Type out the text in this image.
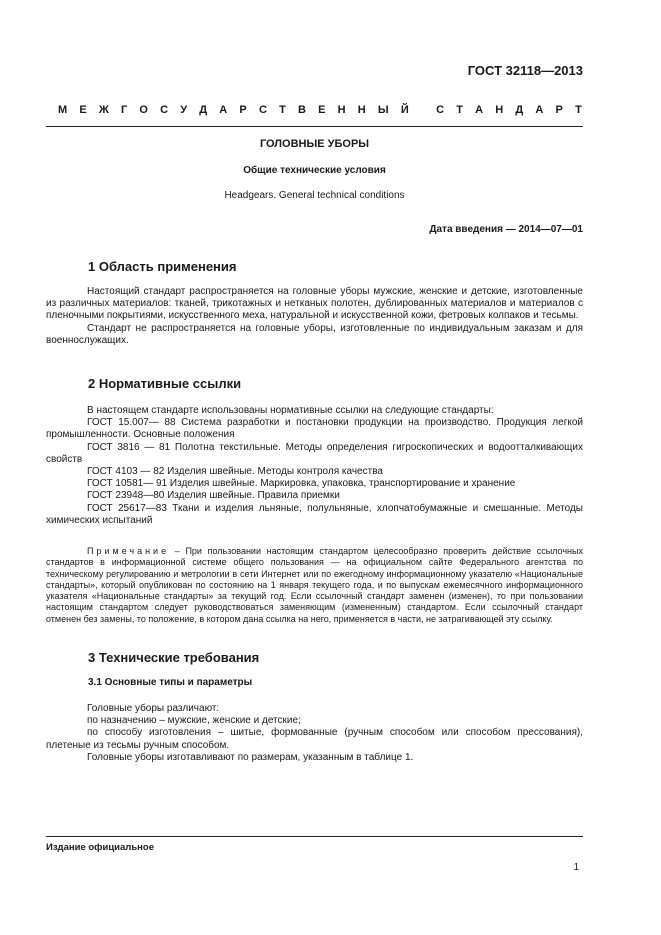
ГОСТ 32118—2013
М Е Ж Г О С У Д А Р С Т В Е Н Н Ы Й
С Т А Н Д А Р Т
ГОЛОВНЫЕ УБОРЫ
Общие технические условия
Headgears. General technical conditions
Дата введения — 2014—07—01
1 Область применения

Настоящий стандарт распространяется на головные уборы мужские, женские и детские, изготовленные из различных материалов: тканей, трикотажных и нетканых полотен, дублированных материалов и материалов с пленочными покрытиями, искусственного меха, натуральной и искусственной кожи, фетровых колпаков и тесьмы.

Стандарт не распространяется на головные уборы, изготовленные по индивидуальным заказам и для военнослужащих.

2 Нормативные ссылки

В настоящем стандарте использованы нормативные ссылки на следующие стандарты:

ГОСТ 15.007— 88 Система разработки и постановки продукции на производство. Продукция легкой промышленности. Основные положения

ГОСТ 3816 — 81 Полотна текстильные. Методы определения гигроскопических и водоотталкивающих свойств

ГОСТ 4103 — 82 Изделия швейные. Методы контроля качества

ГОСТ 10581— 91 Изделия швейные. Маркировка, упаковка, транспортирование и хранение

ГОСТ 23948—80 Изделия швейные. Правила приемки

ГОСТ 25617—83 Ткани и изделия льняные, полульняные, хлопчатобумажные и смешанные. Методы химических испытаний

Примечание – При пользовании настоящим стандартом целесообразно проверить действие ссылочных стандартов в информационной системе общего пользования — на официальном сайте Федерального агентства по техническому регулированию и метрологии в сети Интернет или по ежегодному информационному указателю «Национальные стандарты», который опубликован по состоянию на 1 января текущего года, и по выпускам ежемесячного информационного указателя «Национальные стандарты» за текущий год. Если ссылочный стандарт заменен (изменен), то при пользовании настоящим стандартом следует руководствоваться заменяющим (измененным) стандартом. Если ссылочный стандарт отменен без замены, то положение, в котором дана ссылка на него, применяется в части, не затрагивающей эту ссылку.
3 Технические требования
3.1 Основные типы и параметры

Головные уборы различают:

по назначению – мужские, женские и детские;

по способу изготовления – шитые, формованные (ручным способом или способом прессования), плетеные из тесьмы ручным способом.

Головные уборы изготавливают по размерам, указанным в таблице 1.

Издание официальное
1
